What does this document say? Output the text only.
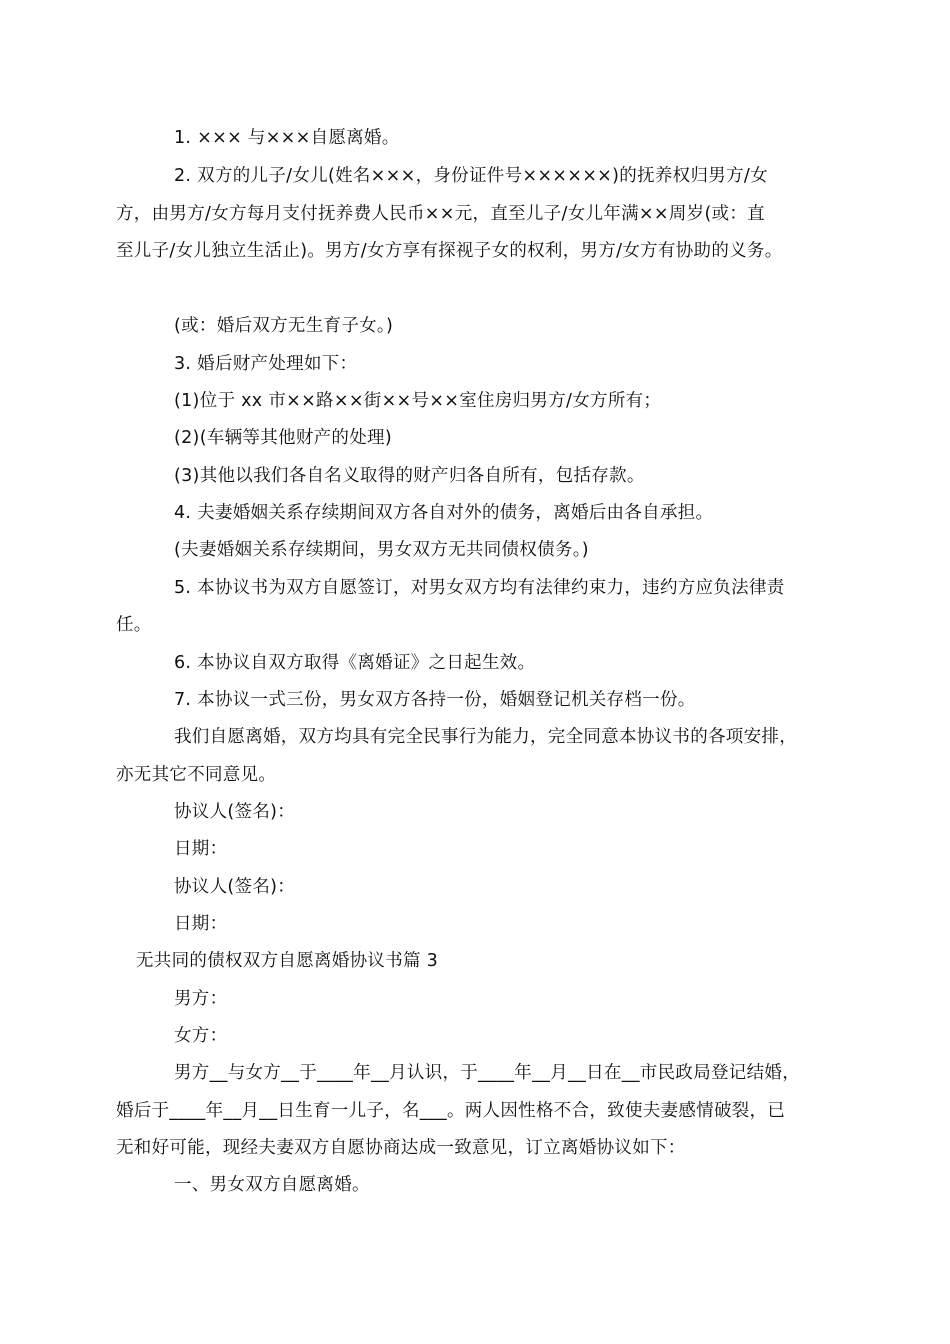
1. ××× 与×××自愿离婚。
2. 双方的儿子/女儿(姓名×××，身份证件号××××××)的抚养权归男方/女
方，由男方/女方每月支付抚养费人民币××元，直至儿子/女儿年满××周岁(或：直
至儿子/女儿独立生活止)。男方/女方享有探视子女的权利，男方/女方有协助的义务。
(或：婚后双方无生育子女。)
3. 婚后财产处理如下：
(1)位于 xx 市××路××街××号××室住房归男方/女方所有；
(2)(车辆等其他财产的处理)
(3)其他以我们各自名义取得的财产归各自所有，包括存款。
4. 夫妻婚姻关系存续期间双方各自对外的债务，离婚后由各自承担。
(夫妻婚姻关系存续期间，男女双方无共同债权债务。)
5. 本协议书为双方自愿签订，对男女双方均有法律约束力，违约方应负法律责
任。
6. 本协议自双方取得《离婚证》之日起生效。
7. 本协议一式三份，男女双方各持一份，婚姻登记机关存档一份。
我们自愿离婚，双方均具有完全民事行为能力，完全同意本协议书的各项安排，
亦无其它不同意见。
协议人(签名)：
日期：
协议人(签名)：
日期：
无共同的债权双方自愿离婚协议书篇 3
男方：
女方：
男方__与女方__于____年__月认识，于____年__月__日在__市民政局登记结婚，
婚后于____年__月__日生育一儿子，名___。两人因性格不合，致使夫妻感情破裂，已
无和好可能，现经夫妻双方自愿协商达成一致意见，订立离婚协议如下：
一、男女双方自愿离婚。
